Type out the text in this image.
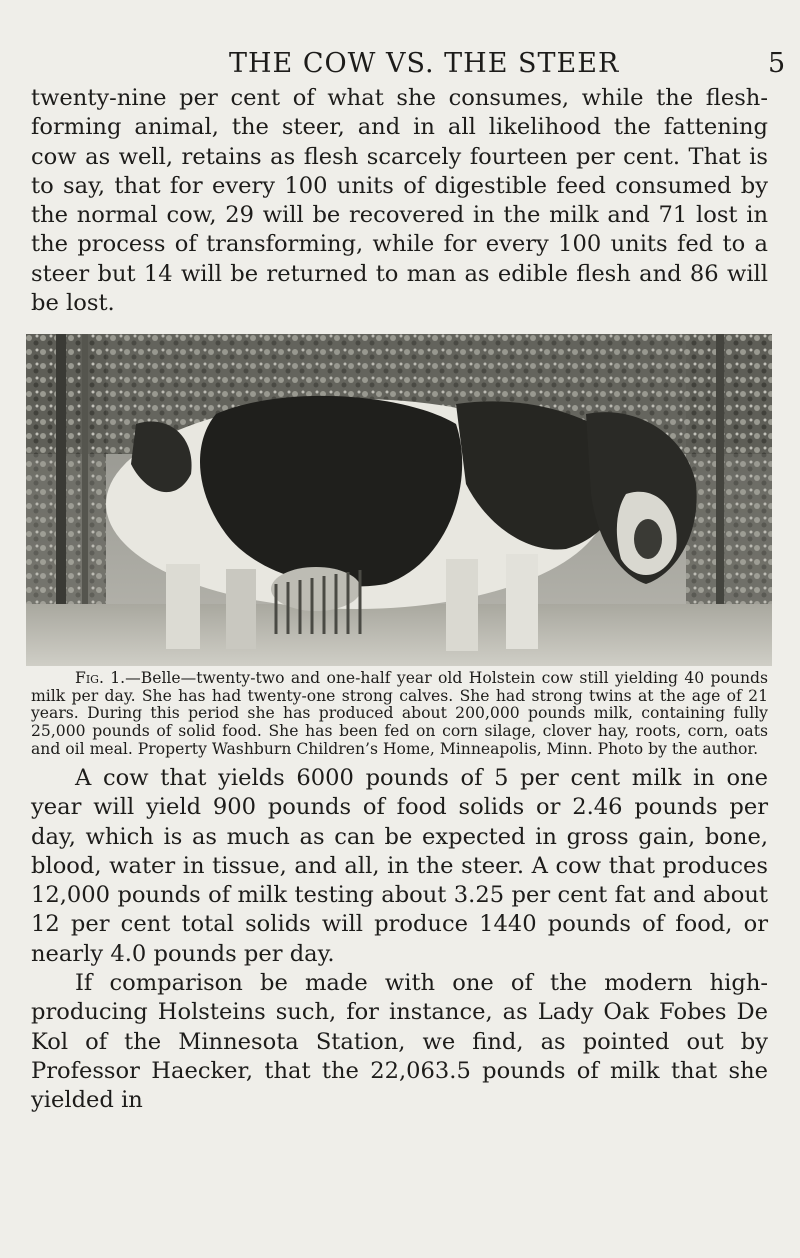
THE COW VS. THE STEER	5

twenty-nine per cent of what she consumes, while the flesh-forming animal, the steer, and in all likelihood the fattening cow as well, retains as flesh scarcely fourteen per cent. That is to say, that for every 100 units of digestible feed consumed by the normal cow, 29 will be recovered in the milk and 71 lost in the process of transforming, while for every 100 units fed to a steer but 14 will be returned to man as edible flesh and 86 will be lost.

Fig. 1.—Belle—twenty-two and one-half year old Holstein cow still yielding 40 pounds milk per day. She has had twenty-one strong calves. She had strong twins at the age of 21 years. During this period she has produced about 200,000 pounds milk, containing fully 25,000 pounds of solid food. She has been fed on corn silage, clover hay, roots, corn, oats and oil meal. Property Washburn Children’s Home, Minneapolis, Minn. Photo by the author.

A cow that yields 6000 pounds of 5 per cent milk in one year will yield 900 pounds of food solids or 2.46 pounds per day, which is as much as can be expected in gross gain, bone, blood, water in tissue, and all, in the steer. A cow that produces 12,000 pounds of milk testing about 3.25 per cent fat and about 12 per cent total solids will produce 1440 pounds of food, or nearly 4.0 pounds per day.

If comparison be made with one of the modern high-producing Holsteins such, for instance, as Lady Oak Fobes De Kol of the Minnesota Station, we find, as pointed out by Professor Haecker, that the 22,063.5 pounds of milk that she yielded in
